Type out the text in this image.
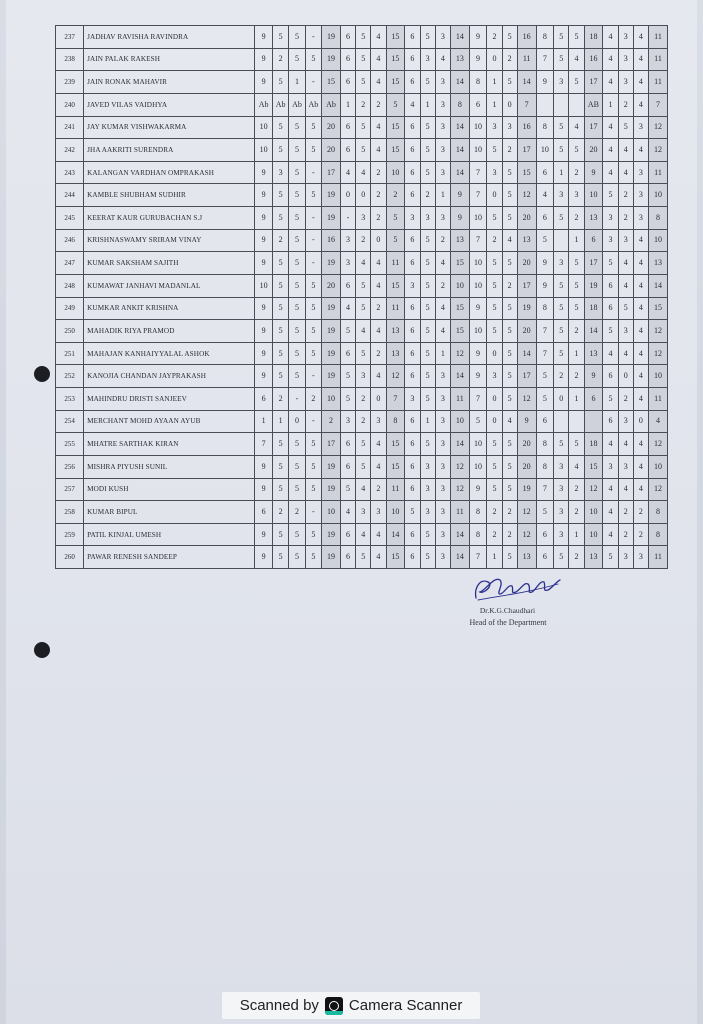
237	JADHAV RAVISHA RAVINDRA	9	5	5	-	19	6	5	4	15	6	5	3	14	9	2	5	16	8	5	5	18	4	3	4	11
238	JAIN PALAK RAKESH	9	2	5	5	19	6	5	4	15	6	3	4	13	9	0	2	11	7	5	4	16	4	3	4	11
239	JAIN RONAK MAHAVIR	9	5	1	-	15	6	5	4	15	6	5	3	14	8	1	5	14	9	3	5	17	4	3	4	11
240	JAVED VILAS VAIDHYA	Ab	Ab	Ab	Ab	Ab	1	2	2	5	4	1	3	8	6	1	0	7				AB	1	2	4	7
241	JAY KUMAR VISHWAKARMA	10	5	5	5	20	6	5	4	15	6	5	3	14	10	3	3	16	8	5	4	17	4	5	3	12
242	JHA AAKRITI SURENDRA	10	5	5	5	20	6	5	4	15	6	5	3	14	10	5	2	17	10	5	5	20	4	4	4	12
243	KALANGAN VARDHAN OMPRAKASH	9	3	5	-	17	4	4	2	10	6	5	3	14	7	3	5	15	6	1	2	9	4	4	3	11
244	KAMBLE SHUBHAM SUDHIR	9	5	5	5	19	0	0	2	2	6	2	1	9	7	0	5	12	4	3	3	10	5	2	3	10
245	KEERAT KAUR GURUBACHAN S.J	9	5	5	-	19	-	3	2	5	3	3	3	9	10	5	5	20	6	5	2	13	3	2	3	8
246	KRISHNASWAMY SRIRAM VINAY	9	2	5	-	16	3	2	0	5	6	5	2	13	7	2	4	13	5		1	6	3	3	4	10
247	KUMAR SAKSHAM SAJITH	9	5	5	-	19	3	4	4	11	6	5	4	15	10	5	5	20	9	3	5	17	5	4	4	13
248	KUMAWAT JANHAVI MADANLAL	10	5	5	5	20	6	5	4	15	3	5	2	10	10	5	2	17	9	5	5	19	6	4	4	14
249	KUMKAR ANKIT KRISHNA	9	5	5	5	19	4	5	2	11	6	5	4	15	9	5	5	19	8	5	5	18	6	5	4	15
250	MAHADIK RIYA PRAMOD	9	5	5	5	19	5	4	4	13	6	5	4	15	10	5	5	20	7	5	2	14	5	3	4	12
251	MAHAJAN KANHAIYYALAL ASHOK	9	5	5	5	19	6	5	2	13	6	5	1	12	9	0	5	14	7	5	1	13	4	4	4	12
252	KANOJIA CHANDAN JAYPRAKASH	9	5	5	-	19	5	3	4	12	6	5	3	14	9	3	5	17	5	2	2	9	6	0	4	10
253	MAHINDRU DRISTI SANJEEV	6	2	-	2	10	5	2	0	7	3	5	3	11	7	0	5	12	5	0	1	6	5	2	4	11
254	MERCHANT MOHD AYAAN AYUB	1	1	0	-	2	3	2	3	8	6	1	3	10	5	0	4	9	6				6	3	0	4
255	MHATRE SARTHAK KIRAN	7	5	5	5	17	6	5	4	15	6	5	3	14	10	5	5	20	8	5	5	18	4	4	4	12
256	MISHRA PIYUSH SUNIL	9	5	5	5	19	6	5	4	15	6	3	3	12	10	5	5	20	8	3	4	15	3	3	4	10
257	MODI KUSH	9	5	5	5	19	5	4	2	11	6	3	3	12	9	5	5	19	7	3	2	12	4	4	4	12
258	KUMAR BIPUL	6	2	2	-	10	4	3	3	10	5	3	3	11	8	2	2	12	5	3	2	10	4	2	2	8
259	PATIL KINJAL UMESH	9	5	5	5	19	6	4	4	14	6	5	3	14	8	2	2	12	6	3	1	10	4	2	2	8
260	PAWAR RENESH SANDEEP	9	5	5	5	19	6	5	4	15	6	5	3	14	7	1	5	13	6	5	2	13	5	3	3	11
Dr.K.G.Chaudhari
Head of the Department
Scanned by Camera Scanner
